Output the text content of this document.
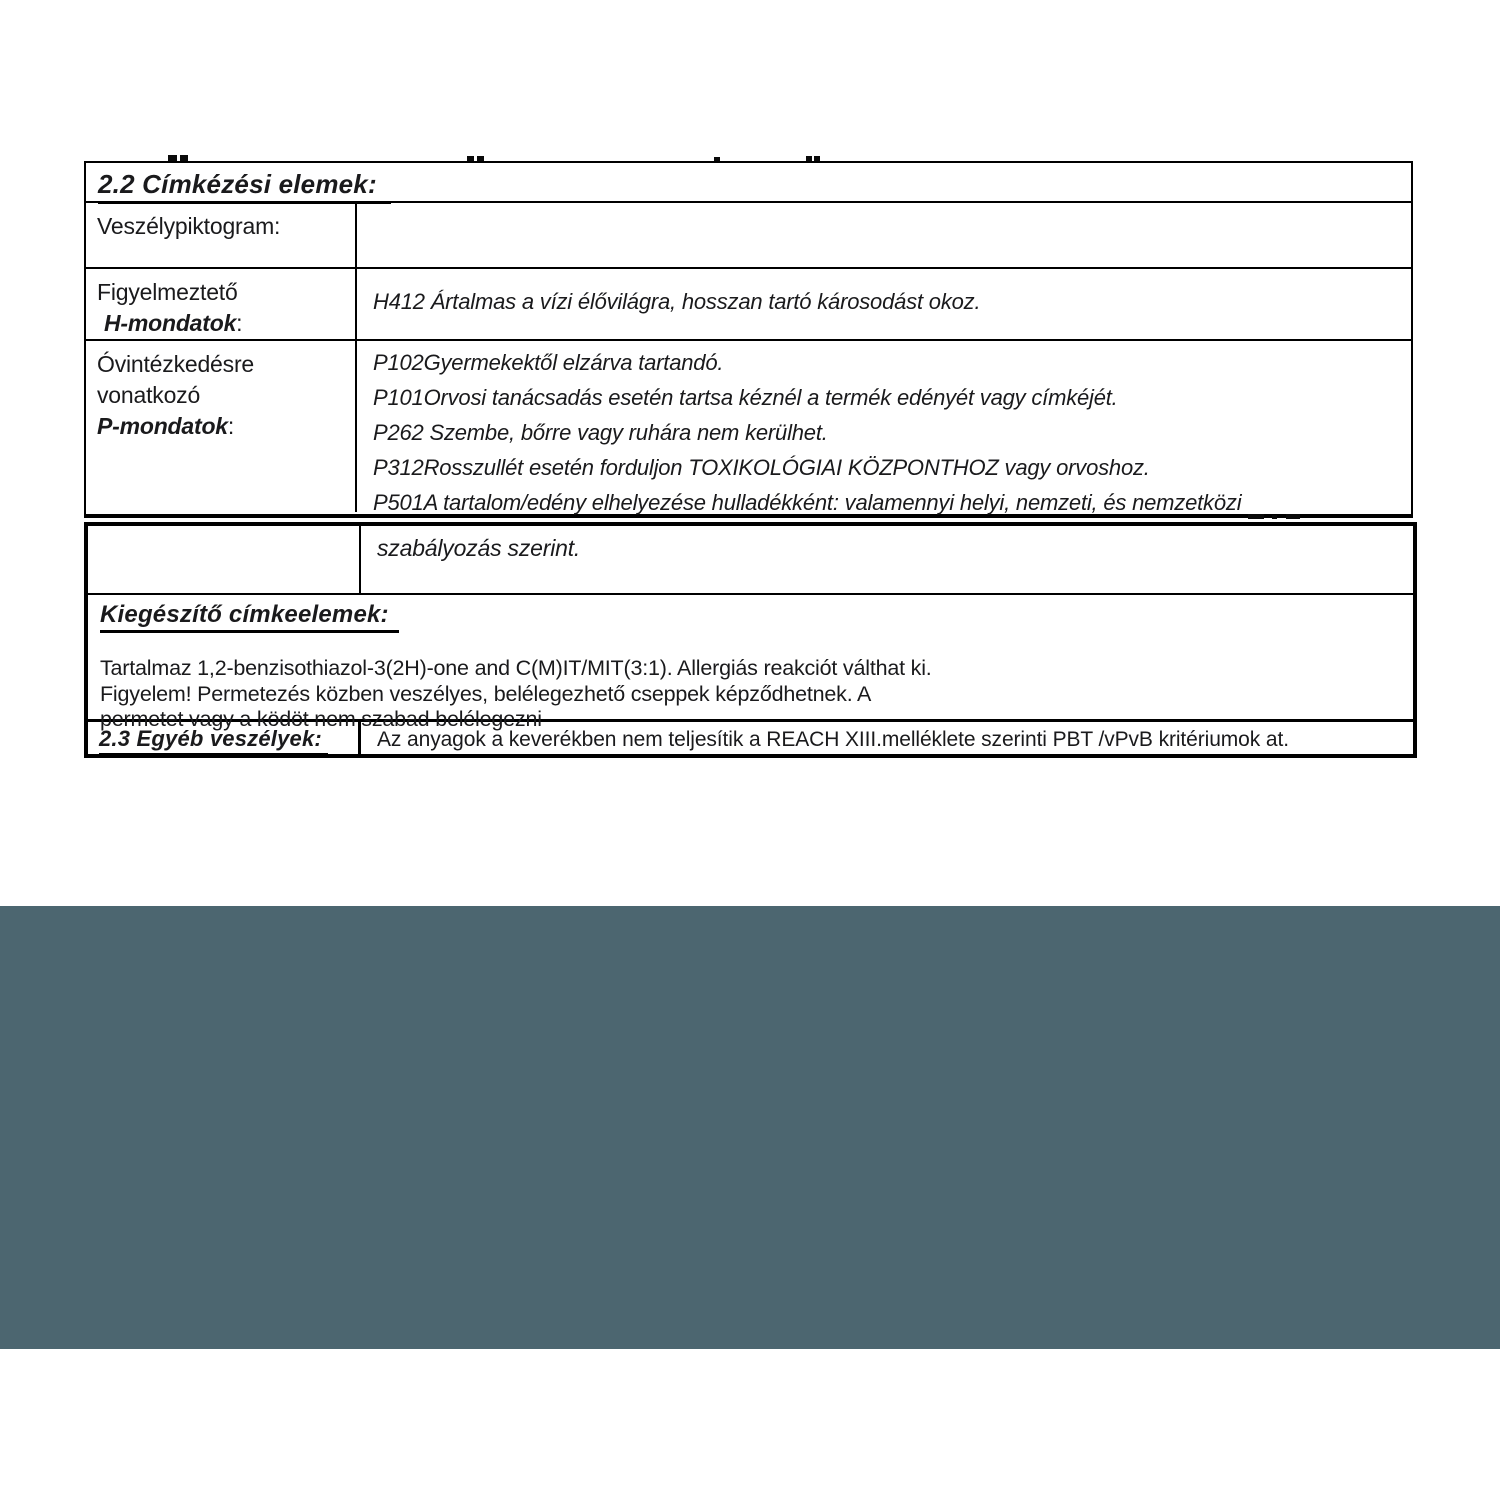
2.2 Címkézési elemek:
Veszélypiktogram:
Figyelmeztető
H-mondatok:
H412 Ártalmas a vízi élővilágra, hosszan tartó károsodást okoz.
Óvintézkedésre
vonatkozó
P-mondatok:
P102Gyermekektől elzárva tartandó.
P101Orvosi tanácsadás esetén tartsa kéznél a termék edényét vagy címkéjét.
P262 Szembe, bőrre vagy ruhára nem kerülhet.
P312Rosszullét esetén forduljon TOXIKOLÓGIAI KÖZPONTHOZ vagy orvoshoz.
P501A tartalom/edény elhelyezése hulladékként: valamennyi helyi, nemzeti, és nemzetközi
szabályozás szerint.
Kiegészítő címkeelemek:
Tartalmaz 1,2-benzisothiazol-3(2H)-one and C(M)IT/MIT(3:1). Allergiás reakciót válthat ki.
Figyelem! Permetezés közben veszélyes, belélegezhető cseppek képződhetnek. A
permetet vagy a ködöt nem szabad belélegezni
2.3 Egyéb veszélyek:	Az anyagok a keverékben nem teljesítik a REACH XIII.melléklete szerinti PBT /vPvB kritériumok at.
